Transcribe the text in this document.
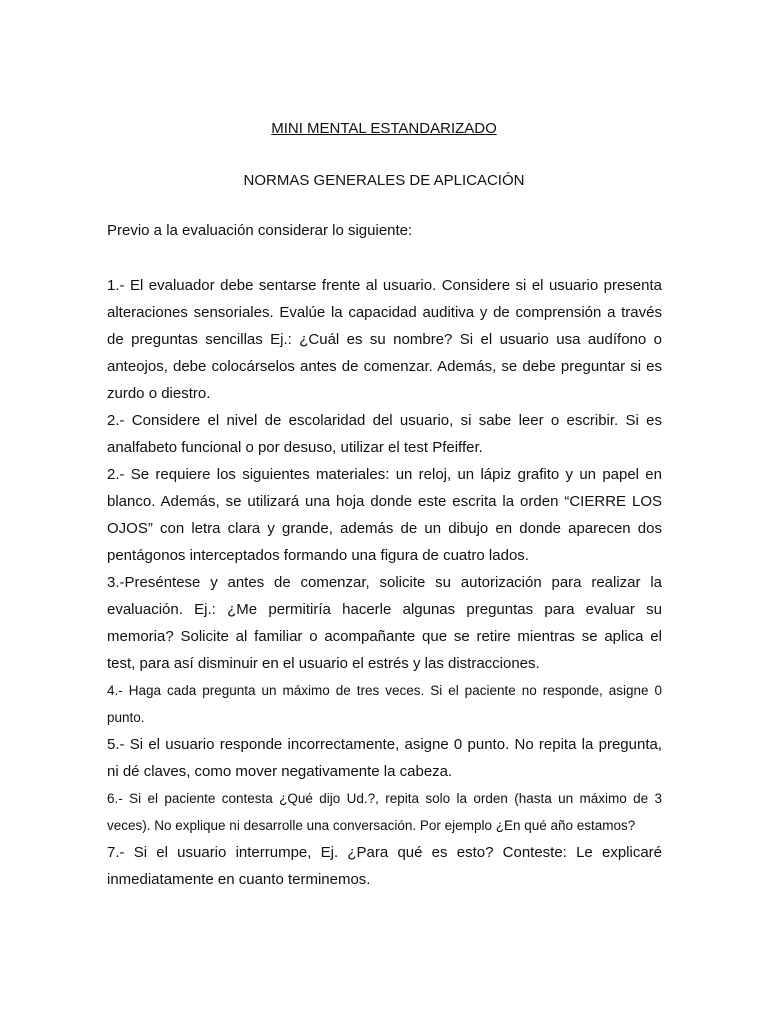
MINI MENTAL ESTANDARIZADO
NORMAS GENERALES DE APLICACIÓN
Previo a la evaluación considerar lo siguiente:

1.- El evaluador debe sentarse frente al usuario. Considere si el usuario presenta alteraciones sensoriales. Evalúe la capacidad auditiva y de comprensión a través de preguntas sencillas Ej.: ¿Cuál es su nombre? Si el usuario usa audífono o anteojos, debe colocárselos antes de comenzar. Además, se debe preguntar si es zurdo o diestro.

2.- Considere el nivel de escolaridad del usuario, si sabe leer o escribir. Si es analfabeto funcional o por desuso, utilizar el test Pfeiffer.

2.- Se requiere los siguientes materiales: un reloj, un lápiz grafito y un papel en blanco. Además, se utilizará una hoja donde este escrita la orden “CIERRE LOS OJOS” con letra clara y grande, además de un dibujo en donde aparecen dos pentágonos interceptados formando una figura de cuatro lados.

3.-Preséntese y antes de comenzar, solicite su autorización para realizar la evaluación. Ej.: ¿Me permitiría hacerle algunas preguntas para evaluar su memoria? Solicite al familiar o acompañante que se retire mientras se aplica el test, para así disminuir en el usuario el estrés y las distracciones.

4.- Haga cada pregunta un máximo de tres veces. Si el paciente no responde, asigne 0 punto.

5.- Si el usuario responde incorrectamente, asigne 0 punto. No repita la pregunta, ni dé claves, como mover negativamente la cabeza.

6.- Si el paciente contesta ¿Qué dijo Ud.?, repita solo la orden (hasta un máximo de 3 veces). No explique ni desarrolle una conversación. Por ejemplo ¿En qué año estamos?

7.- Si el usuario interrumpe, Ej. ¿Para qué es esto? Conteste: Le explicaré inmediatamente en cuanto terminemos.
